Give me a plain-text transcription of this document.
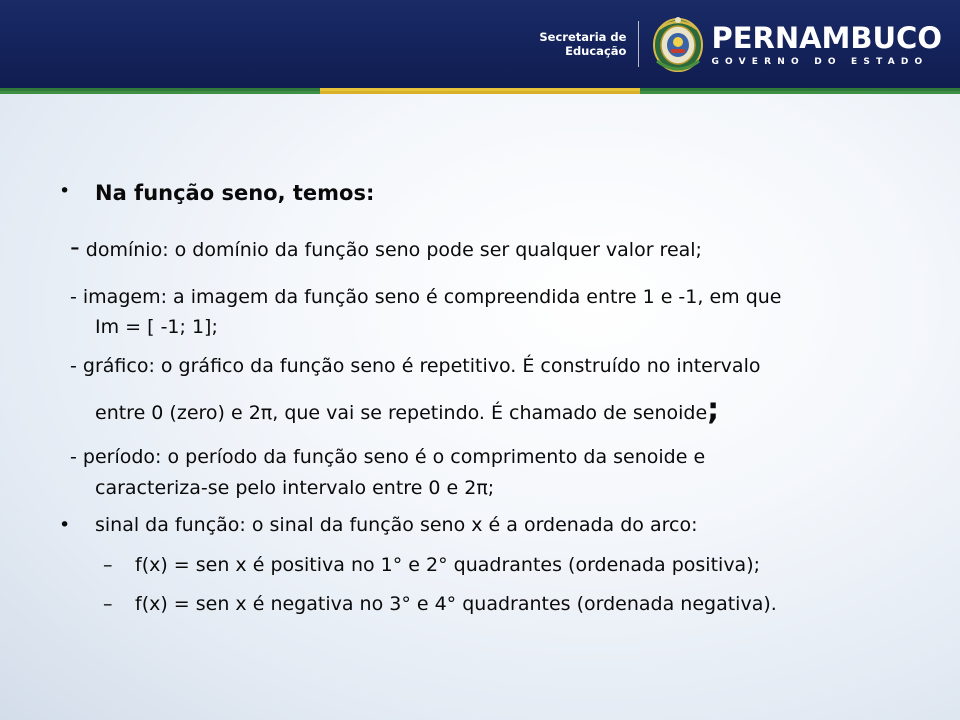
Secretaria de
Educação	PERNAMBUCO
GOVERNO DO ESTADO
• Na função seno, temos:
- domínio: o domínio da função seno pode ser qualquer valor real;
- imagem: a imagem da função seno é compreendida entre 1 e -1, em que
Im = [ -1; 1];
- gráfico: o gráfico da função seno é repetitivo. É construído no intervalo
entre 0 (zero) e 2π, que vai se repetindo. É chamado de senoide;
- período: o período da função seno é o comprimento da senoide e
caracteriza-se pelo intervalo entre 0 e 2π;
• sinal da função: o sinal da função seno x é a ordenada do arco:
– f(x) = sen x é positiva no 1° e 2° quadrantes (ordenada positiva);
– f(x) = sen x é negativa no 3° e 4° quadrantes (ordenada negativa).
